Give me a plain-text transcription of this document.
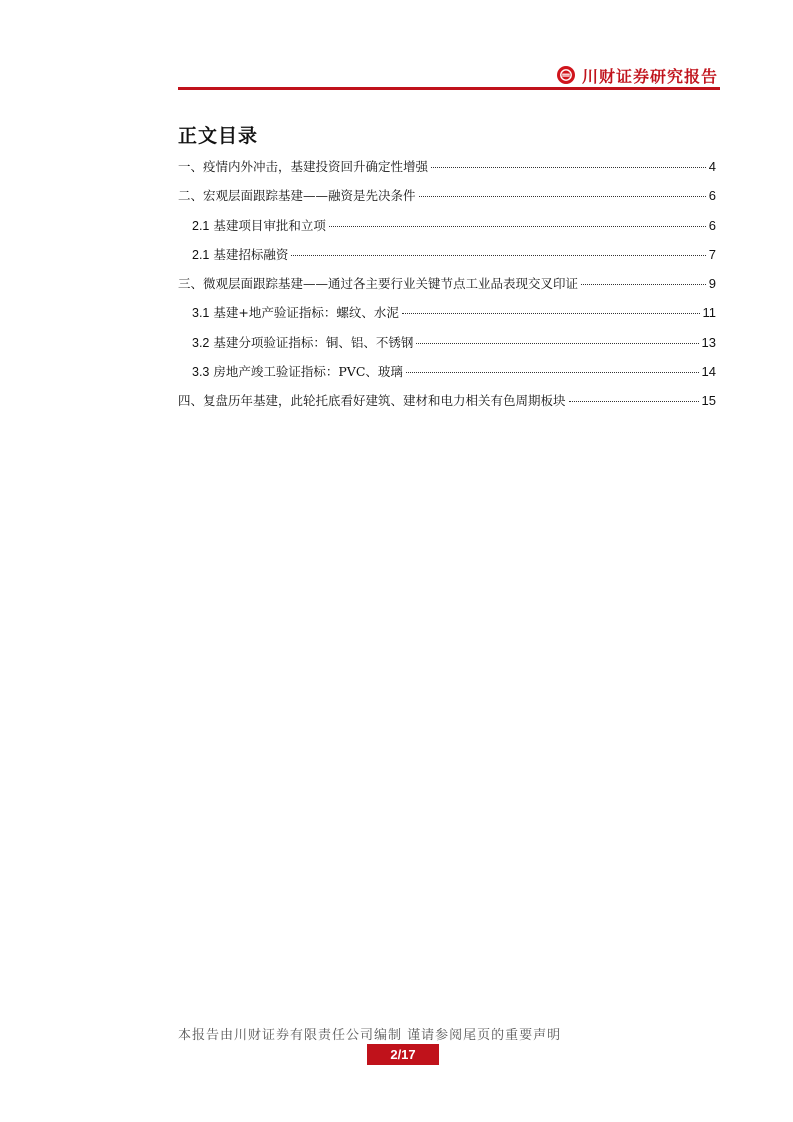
川财证券研究报告
正文目录
一、疫情内外冲击，基建投资回升确定性增强	4
二、宏观层面跟踪基建——融资是先决条件	6
2.1 基建项目审批和立项	6
2.1 基建招标融资	7
三、微观层面跟踪基建——通过各主要行业关键节点工业品表现交叉印证	9
3.1 基建+地产验证指标：螺纹、水泥	11
3.2 基建分项验证指标：铜、铝、不锈钢	13
3.3 房地产竣工验证指标：PVC、玻璃	14
四、复盘历年基建，此轮托底看好建筑、建材和电力相关有色周期板块	15
本报告由川财证券有限责任公司编制 谨请参阅尾页的重要声明
2/17
